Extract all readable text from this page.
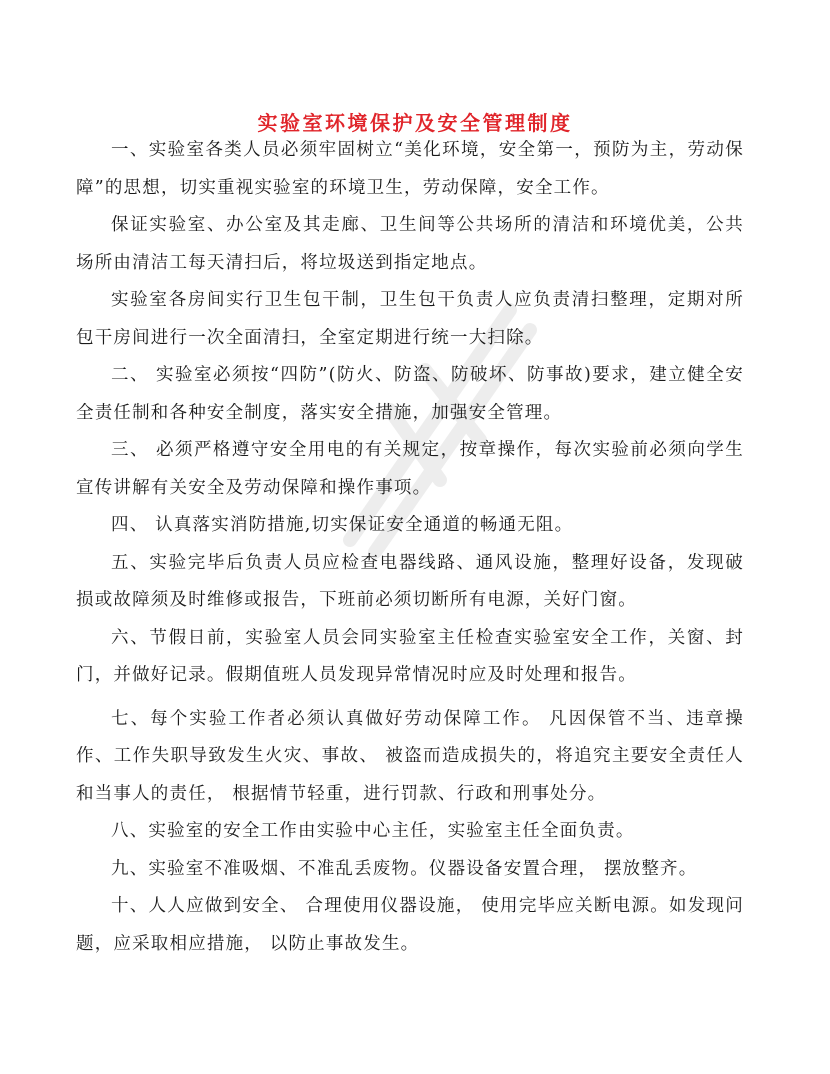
实验室环境保护及安全管理制度

一、实验室各类人员必须牢固树立“美化环境，安全第一，预防为主，劳动保障”的思想，切实重视实验室的环境卫生，劳动保障，安全工作。

保证实验室、办公室及其走廊、卫生间等公共场所的清洁和环境优美，公共场所由清洁工每天清扫后，将垃圾送到指定地点。

实验室各房间实行卫生包干制，卫生包干负责人应负责清扫整理，定期对所包干房间进行一次全面清扫，全室定期进行统一大扫除。

二、 实验室必须按“四防”(防火、防盗、防破坏、防事故)要求，建立健全安全责任制和各种安全制度，落实安全措施，加强安全管理。

三、 必须严格遵守安全用电的有关规定，按章操作，每次实验前必须向学生宣传讲解有关安全及劳动保障和操作事项。

四、 认真落实消防措施,切实保证安全通道的畅通无阻。

五、实验完毕后负责人员应检查电器线路、通风设施，整理好设备，发现破损或故障须及时维修或报告，下班前必须切断所有电源，关好门窗。

六、节假日前，实验室人员会同实验室主任检查实验室安全工作，关窗、封门，并做好记录。假期值班人员发现异常情况时应及时处理和报告。

七、每个实验工作者必须认真做好劳动保障工作。 凡因保管不当、违章操作、工作失职导致发生火灾、事故、 被盗而造成损失的，将追究主要安全责任人和当事人的责任， 根据情节轻重，进行罚款、行政和刑事处分。

八、实验室的安全工作由实验中心主任，实验室主任全面负责。

九、实验室不准吸烟、不准乱丢废物。仪器设备安置合理， 摆放整齐。

十、人人应做到安全、 合理使用仪器设施， 使用完毕应关断电源。如发现问题，应采取相应措施， 以防止事故发生。
